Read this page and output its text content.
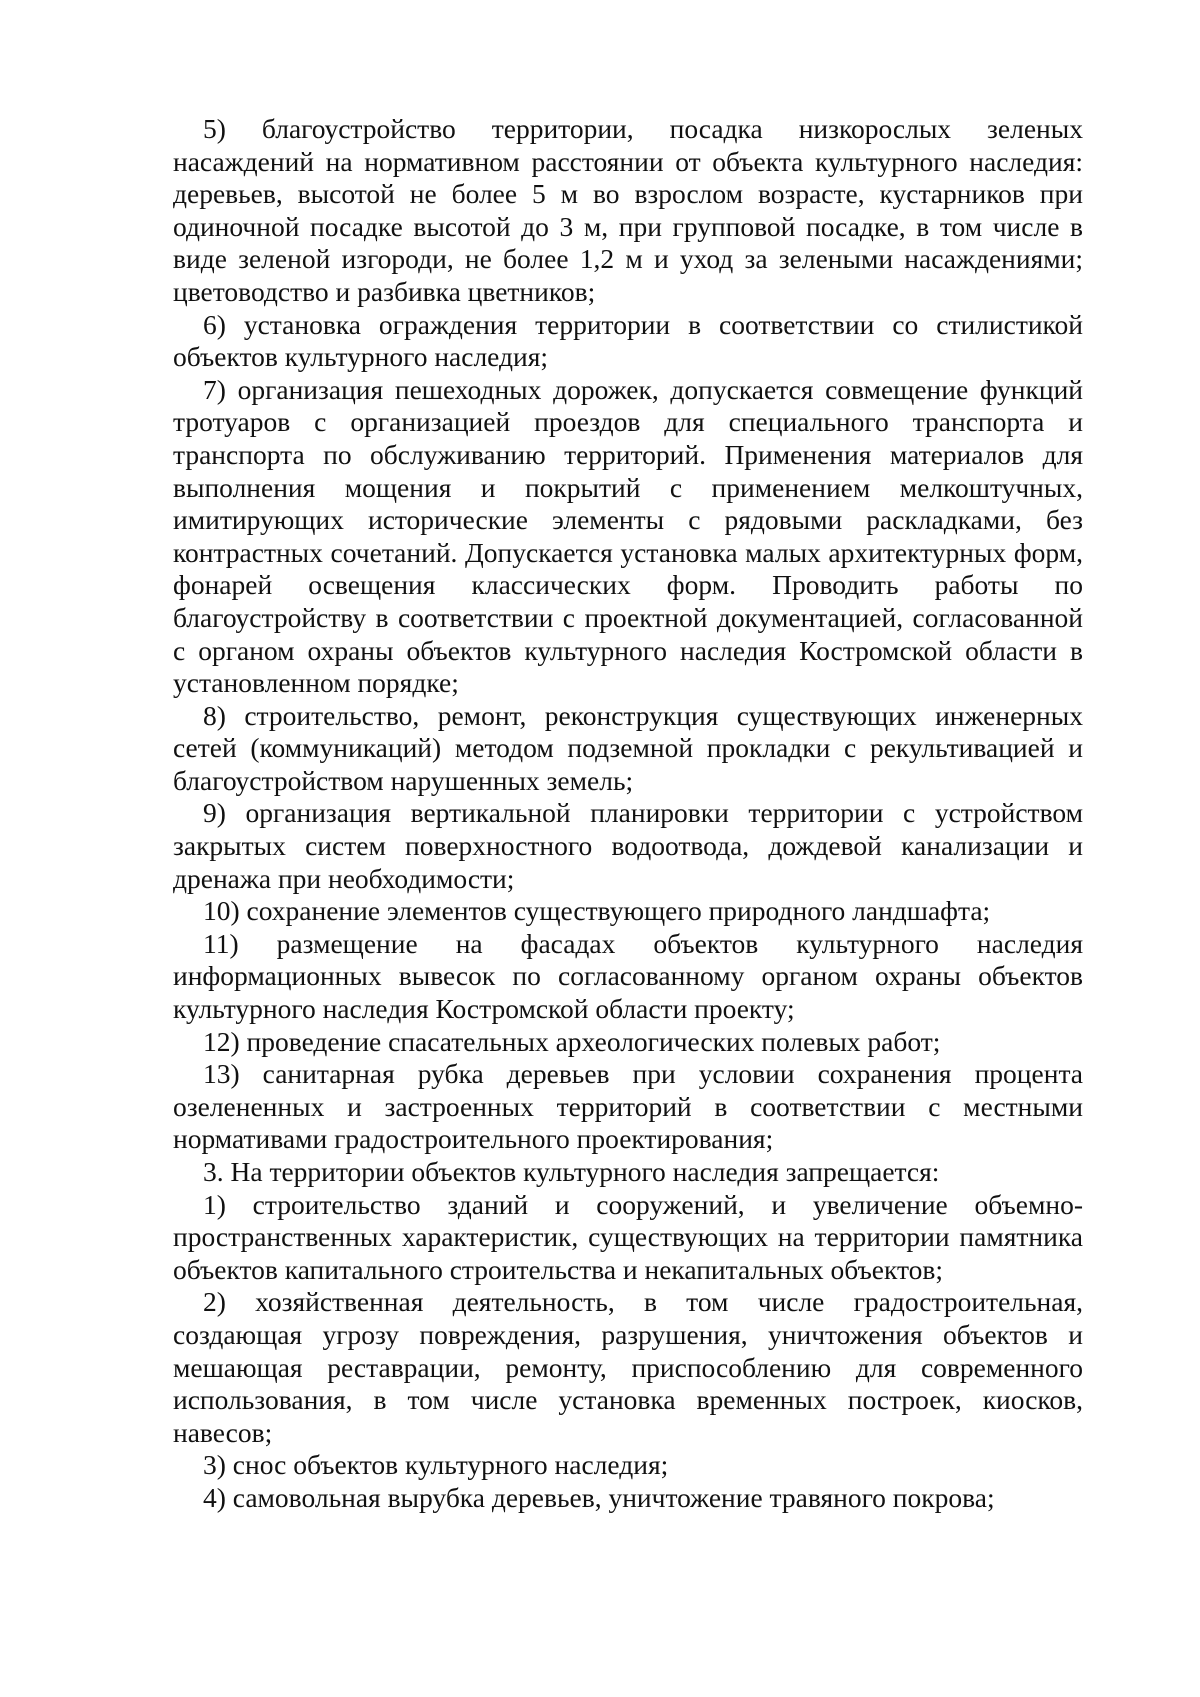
5) благоустройство территории, посадка низкорослых зеленых насаждений на нормативном расстоянии от объекта культурного наследия: деревьев, высотой не более 5 м во взрослом возрасте, кустарников при одиночной посадке высотой до 3 м, при групповой посадке, в том числе в виде зеленой изгороди, не более 1,2 м и уход за зелеными насаждениями; цветоводство и разбивка цветников;

6) установка ограждения территории в соответствии со стилистикой объектов культурного наследия;

7) организация пешеходных дорожек, допускается совмещение функций тротуаров с организацией проездов для специального транспорта и транспорта по обслуживанию территорий. Применения материалов для выполнения мощения и покрытий с применением мелкоштучных, имитирующих исторические элементы с рядовыми раскладками, без контрастных сочетаний. Допускается установка малых архитектурных форм, фонарей освещения классических форм. Проводить работы по благоустройству в соответствии с проектной документацией, согласованной с органом охраны объектов культурного наследия Костромской области в установленном порядке;

8) строительство, ремонт, реконструкция существующих инженерных сетей (коммуникаций) методом подземной прокладки с рекультивацией и благоустройством нарушенных земель;

9) организация вертикальной планировки территории с устройством закрытых систем поверхностного водоотвода, дождевой канализации и дренажа при необходимости;

10) сохранение элементов существующего природного ландшафта;

11) размещение на фасадах объектов культурного наследия информационных вывесок по согласованному органом охраны объектов культурного наследия Костромской области проекту;

12) проведение спасательных археологических полевых работ;

13) санитарная рубка деревьев при условии сохранения процента озелененных и застроенных территорий в соответствии с местными нормативами градостроительного проектирования;

3. На территории объектов культурного наследия запрещается:

1) строительство зданий и сооружений, и увеличение объемно-пространственных характеристик, существующих на территории памятника объектов капитального строительства и некапитальных объектов;

2) хозяйственная деятельность, в том числе градостроительная, создающая угрозу повреждения, разрушения, уничтожения объектов и мешающая реставрации, ремонту, приспособлению для современного использования, в том числе установка временных построек, киосков, навесов;

3) снос объектов культурного наследия;

4) самовольная вырубка деревьев, уничтожение травяного покрова;
